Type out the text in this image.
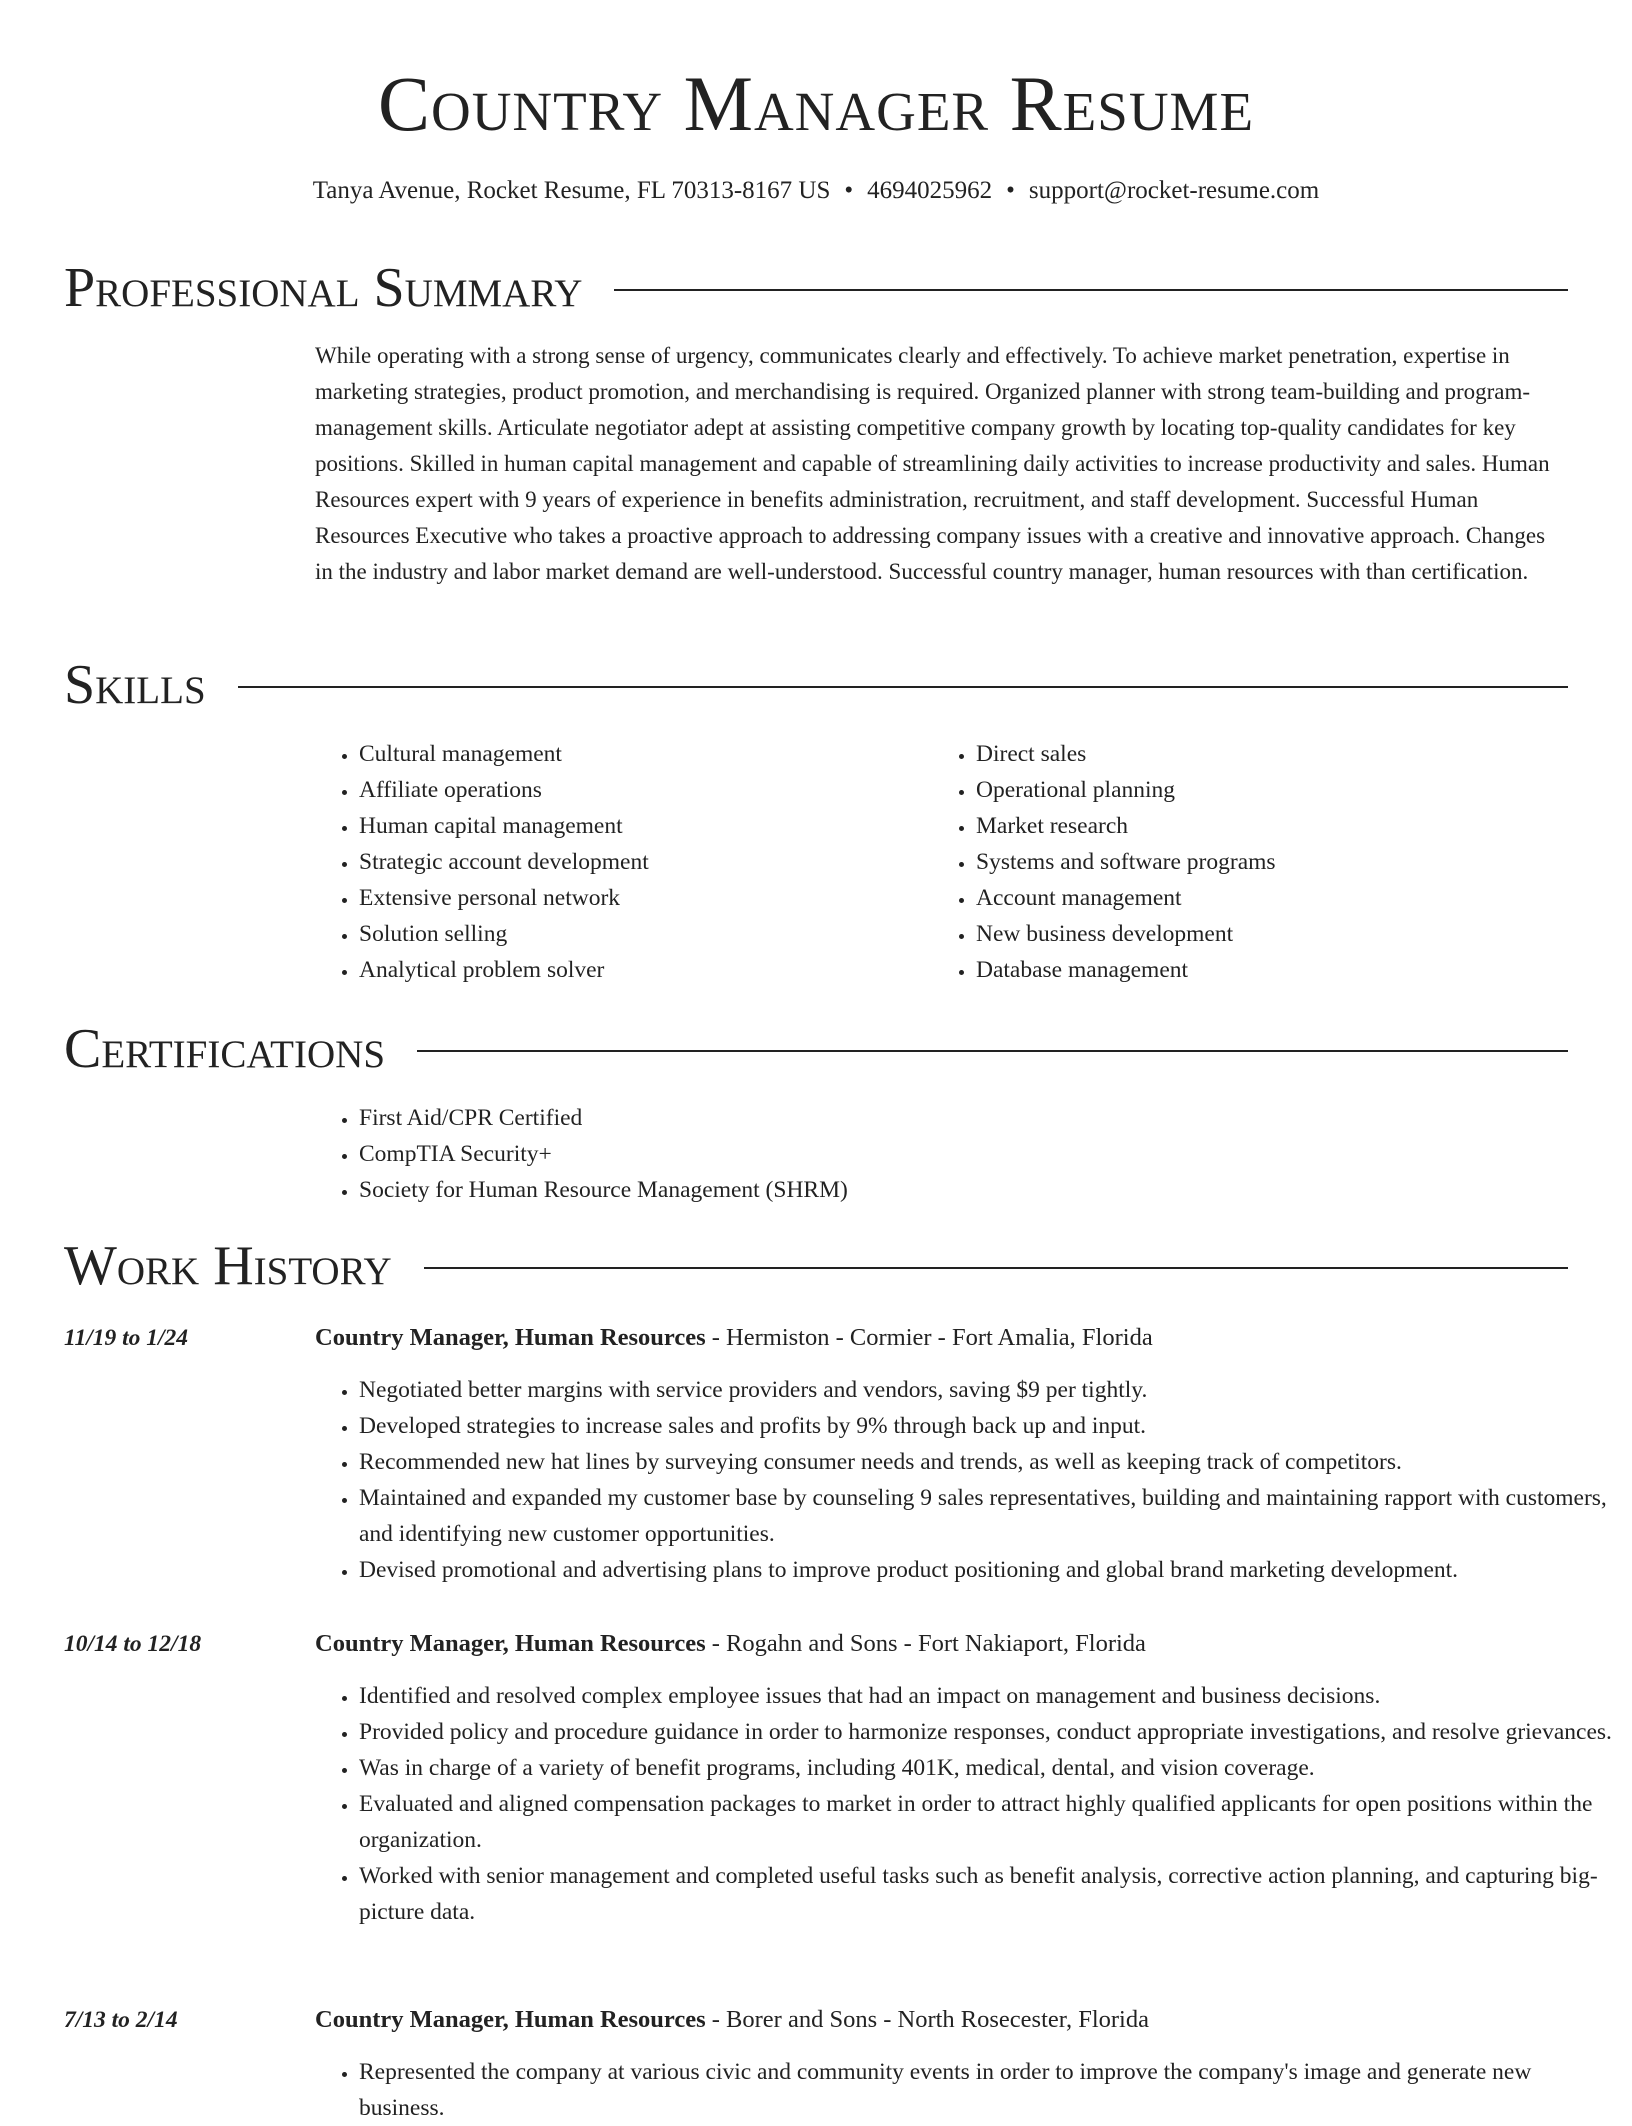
Country Manager Resume
Tanya Avenue, Rocket Resume, FL 70313-8167 US • 4694025962 • support@rocket-resume.com
Professional Summary

While operating with a strong sense of urgency, communicates clearly and effectively. To achieve market penetration, expertise in marketing strategies, product promotion, and merchandising is required. Organized planner with strong team-building and program-management skills. Articulate negotiator adept at assisting competitive company growth by locating top-quality candidates for key positions. Skilled in human capital management and capable of streamlining daily activities to increase productivity and sales. Human Resources expert with 9 years of experience in benefits administration, recruitment, and staff development. Successful Human Resources Executive who takes a proactive approach to addressing company issues with a creative and innovative approach. Changes in the industry and labor market demand are well-understood. Successful country manager, human resources with than certification.

Skills
• Cultural management
• Affiliate operations
• Human capital management
• Strategic account development
• Extensive personal network
• Solution selling
• Analytical problem solver
• Direct sales
• Operational planning
• Market research
• Systems and software programs
• Account management
• New business development
• Database management
Certifications
• First Aid/CPR Certified
• CompTIA Security+
• Society for Human Resource Management (SHRM)
Work History
11/19 to 1/24	Country Manager, Human Resources - Hermiston - Cormier - Fort Amalia, Florida
• Negotiated better margins with service providers and vendors, saving $9 per tightly.
• Developed strategies to increase sales and profits by 9% through back up and input.
• Recommended new hat lines by surveying consumer needs and trends, as well as keeping track of competitors.
• Maintained and expanded my customer base by counseling 9 sales representatives, building and maintaining rapport with customers, and identifying new customer opportunities.
• Devised promotional and advertising plans to improve product positioning and global brand marketing development.
10/14 to 12/18	Country Manager, Human Resources - Rogahn and Sons - Fort Nakiaport, Florida
• Identified and resolved complex employee issues that had an impact on management and business decisions.
• Provided policy and procedure guidance in order to harmonize responses, conduct appropriate investigations, and resolve grievances.
• Was in charge of a variety of benefit programs, including 401K, medical, dental, and vision coverage.
• Evaluated and aligned compensation packages to market in order to attract highly qualified applicants for open positions within the organization.
• Worked with senior management and completed useful tasks such as benefit analysis, corrective action planning, and capturing big-picture data.
7/13 to 2/14	Country Manager, Human Resources - Borer and Sons - North Rosecester, Florida
• Represented the company at various civic and community events in order to improve the company's image and generate new business.
